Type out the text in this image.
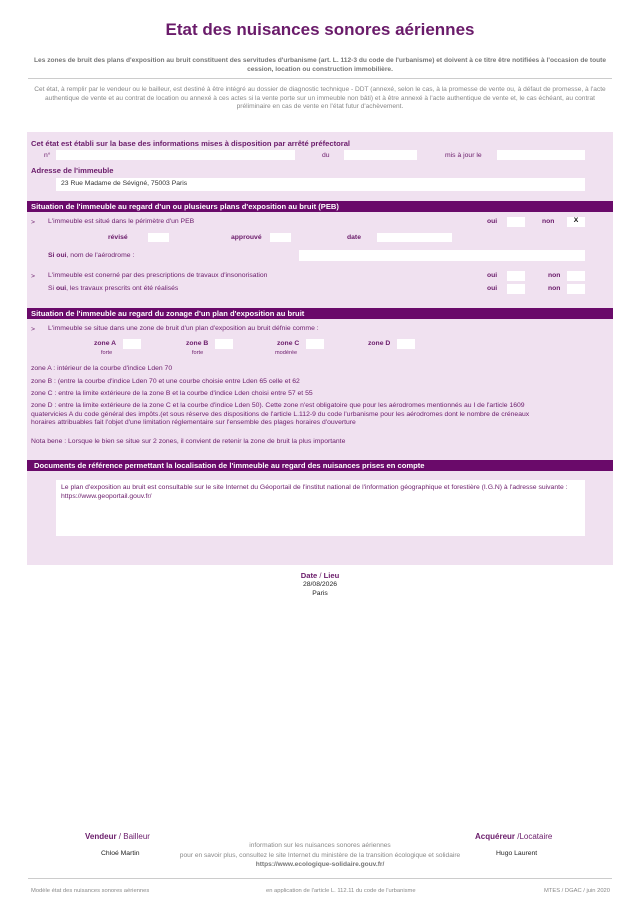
Etat des nuisances sonores aériennes
Les zones de bruit des plans d'exposition au bruit constituent des servitudes d'urbanisme (art. L. 112-3 du code de l'urbanisme) et doivent à ce titre être notifiées à l'occasion de toute cession, location ou construction immobilière.
Cet état, à remplir par le vendeur ou le bailleur, est destiné à être intégré au dossier de diagnostic technique - DDT (annexé, selon le cas, à la promesse de vente ou, à défaut de promesse, à l'acte authentique de vente et au contrat de location ou annexé à ces actes si la vente porte sur un immeuble non bâti) et à être annexé à l'acte authentique de vente et, le cas échéant, au contrat préliminaire en cas de vente en l'état futur d'achèvement.
Cet état est établi sur la base des informations mises à disposition par arrêté préfectoral
n°	du	mis à jour le
Adresse de l'immeuble
23 Rue Madame de Sévigné, 75003 Paris
Situation de l'immeuble au regard d'un ou plusieurs plans d'exposition au bruit (PEB)
> L'immeuble est situé dans le périmètre d'un PEB	oui	non	X
révisé	approuvé	date
Si oui, nom de l'aérodrome :
> L'immeuble est conerné par des prescriptions de travaux d'insonorisation	oui	non
Si oui, les travaux prescrits ont été réalisés	oui	non
Situation de l'immeuble au regard du zonage d'un plan d'exposition au bruit
> L'immeuble se situe dans une zone de bruit d'un plan d'exposition au bruit défnie comme :
zone A
forte
zone B
forte
zone C
modérée
zone D
zone A : intérieur de la courbe d'indice Lden 70
zone B : (entre la courbe d'indice Lden 70 et une courbe choisie entre Lden 65 celle et 62
zone C : entre la limite extérieure de la zone B et la courbe d'indice Lden choisi entre 57 et 55
zone D : entre la limite extérieure de la zone C et la courbe d'indice Lden 50). Cette zone n'est obligatoire que pour les aérodromes mentionnés au I de l'article 1609 quatervicies A du code général des impôts.(et sous réserve des dispositions de l'article L.112-9 du code l'urbanisme pour les aérodromes dont le nombre de créneaux horaires attribuables fait l'objet d'une limitation réglementaire sur l'ensemble des plages horaires d'ouverture
Nota bene : Lorsque le bien se situe sur 2 zones, il convient de retenir la zone de bruit la plus importante
Documents de référence permettant la localisation de l'immeuble au regard des nuisances prises en compte
Le plan d'exposition au bruit est consultable sur le site Internet du Géoportail de l'institut national de l'information géographique et forestière (I.G.N) à l'adresse suivante : https://www.geoportail.gouv.fr/
Date / Lieu
28/08/2026
Paris
Vendeur / Bailleur
Chloé Martin
Acquéreur /Locataire
Hugo Laurent
information sur les nuisances sonores aériennes
pour en savoir plus, consultez le site Internet du ministère de la transition écologique et solidaire
https://www.ecologique-solidaire.gouv.fr/
Modèle état des nuisances sonores aériennes	en application de l'article L. 112.11 du code de l'urbanisme	MTES / DGAC / juin 2020
